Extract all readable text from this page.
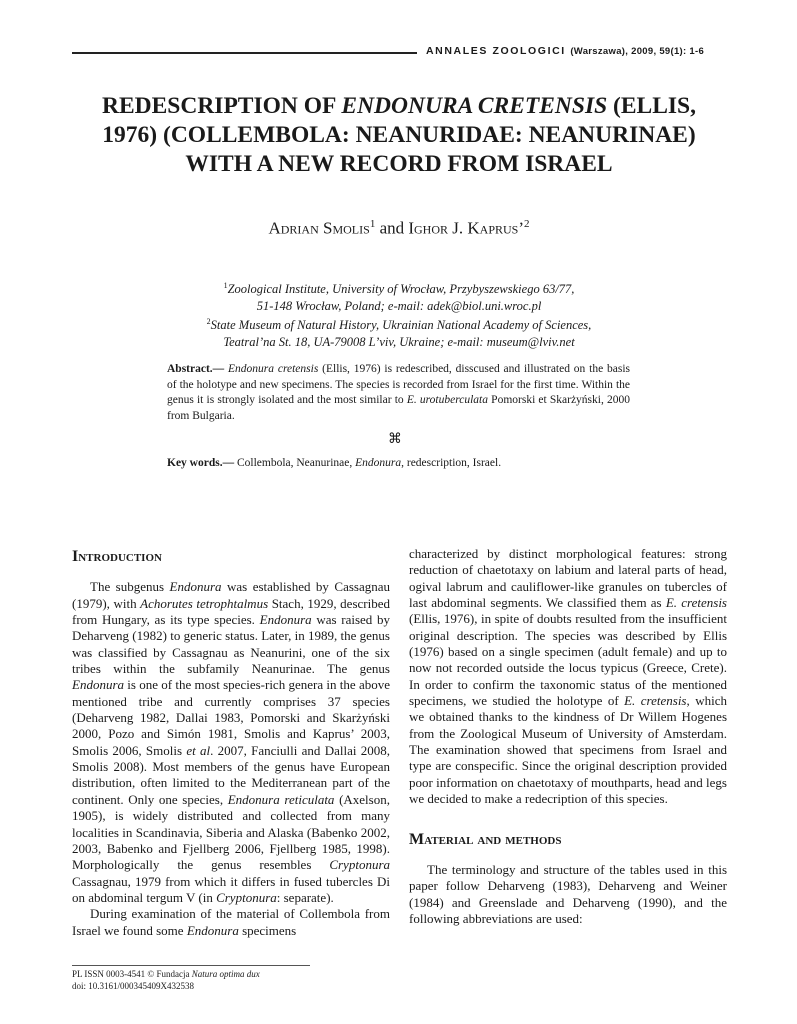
ANNALES ZOOLOGICI (Warszawa), 2009, 59(1): 1-6
REDESCRIPTION OF ENDONURA CRETENSIS (ELLIS,
1976) (COLLEMBOLA: NEANURIDAE: NEANURINAE)
WITH A NEW RECORD FROM ISRAEL
Adrian Smolis$^1$ and Ighor J. Kaprus’$^2$
$^1$Zoological Institute, University of Wrocław, Przybyszewskiego 63/77,
51-148 Wrocław, Poland; e-mail: adek@biol.uni.wroc.pl
$^2$State Museum of Natural History, Ukrainian National Academy of Sciences,
Teatral’na St. 18, UA-79008 L’viv, Ukraine; e-mail: museum@lviv.net
Abstract.— Endonura cretensis (Ellis, 1976) is redescribed, disscused and illustrated on the basis of the holotype and new specimens. The species is recorded from Israel for the first time. Within the genus it is strongly isolated and the most similar to E. urotuberculata Pomorski et Skarżyński, 2000 from Bulgaria.
⌘
Key words.— Collembola, Neanurinae, Endonura, redescription, Israel.
Introduction

The subgenus Endonura was established by Cassagnau (1979), with Achorutes tetrophtalmus Stach, 1929, described from Hungary, as its type species. Endonura was raised by Deharveng (1982) to generic status. Later, in 1989, the genus was classified by Cassagnau as Neanurini, one of the six tribes within the subfamily Neanurinae. The genus Endonura is one of the most species-rich genera in the above mentioned tribe and currently comprises 37 species (Deharveng 1982, Dallai 1983, Pomorski and Skarżyński 2000, Pozo and Simón 1981, Smolis and Kaprus’ 2003, Smolis 2006, Smolis et al. 2007, Fanciulli and Dallai 2008, Smolis 2008). Most members of the genus have European distribution, often limited to the Mediterranean part of the continent. Only one species, Endonura reticulata (Axelson, 1905), is widely distributed and collected from many localities in Scandinavia, Siberia and Alaska (Babenko 2002, 2003, Babenko and Fjellberg 2006, Fjellberg 1985, 1998). Morphologically the genus resembles Cryptonura Cassagnau, 1979 from which it differs in fused tubercles Di on abdominal tergum V (in Cryptonura: separate).

During examination of the material of Collembola from Israel we found some Endonura specimens

characterized by distinct morphological features: strong reduction of chaetotaxy on labium and lateral parts of head, ogival labrum and cauliflower-like granules on tubercles of last abdominal segments. We classified them as E. cretensis (Ellis, 1976), in spite of doubts resulted from the insufficient original description. The species was described by Ellis (1976) based on a single specimen (adult female) and up to now not recorded outside the locus typicus (Greece, Crete). In order to confirm the taxonomic status of the mentioned specimens, we studied the holotype of E. cretensis, which we obtained thanks to the kindness of Dr Willem Hogenes from the Zoological Museum of University of Amsterdam. The examination showed that specimens from Israel and type are conspecific. Since the original description provided poor information on chaetotaxy of mouthparts, head and legs we decided to make a redecription of this species.

Material and methods

The terminology and structure of the tables used in this paper follow Deharveng (1983), Deharveng and Weiner (1984) and Greenslade and Deharveng (1990), and the following abbreviations are used:

PL ISSN 0003-4541 © Fundacja Natura optima dux
doi: 10.3161/000345409X432538
